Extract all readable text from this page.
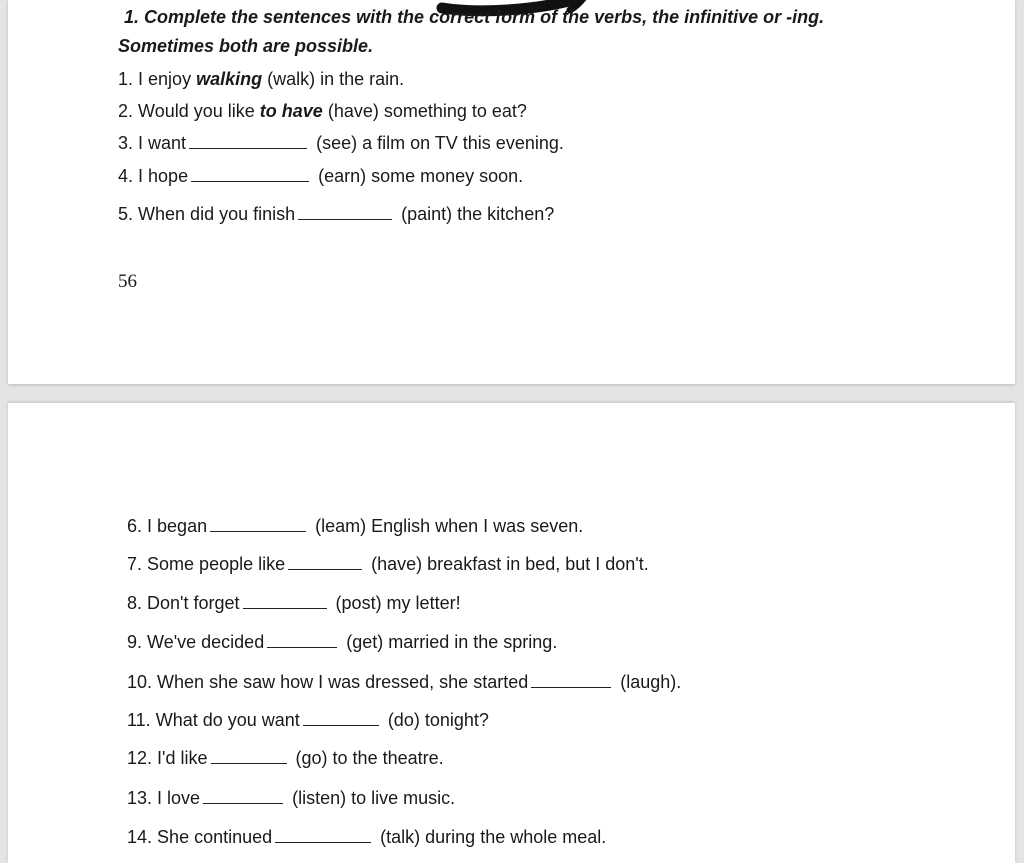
1. Complete the sentences with the correct form of the verbs, the infinitive or -ing.
Sometimes both are possible.
1. I enjoy walking (walk) in the rain.
2. Would you like to have (have) something to eat?
3. I want	(see) a film on TV this evening.
4. I hope	(earn) some money soon.
5. When did you finish	(paint) the kitchen?
56
6. I began	(leam) English when I was seven.
7. Some people like	(have) breakfast in bed, but I don't.
8. Don't forget	(post) my letter!
9. We've decided	(get) married in the spring.
10. When she saw how I was dressed, she started	(laugh).
11. What do you want	(do) tonight?
12. I'd like	(go) to the theatre.
13. I love	(listen) to live music.
14. She continued	(talk) during the whole meal.
